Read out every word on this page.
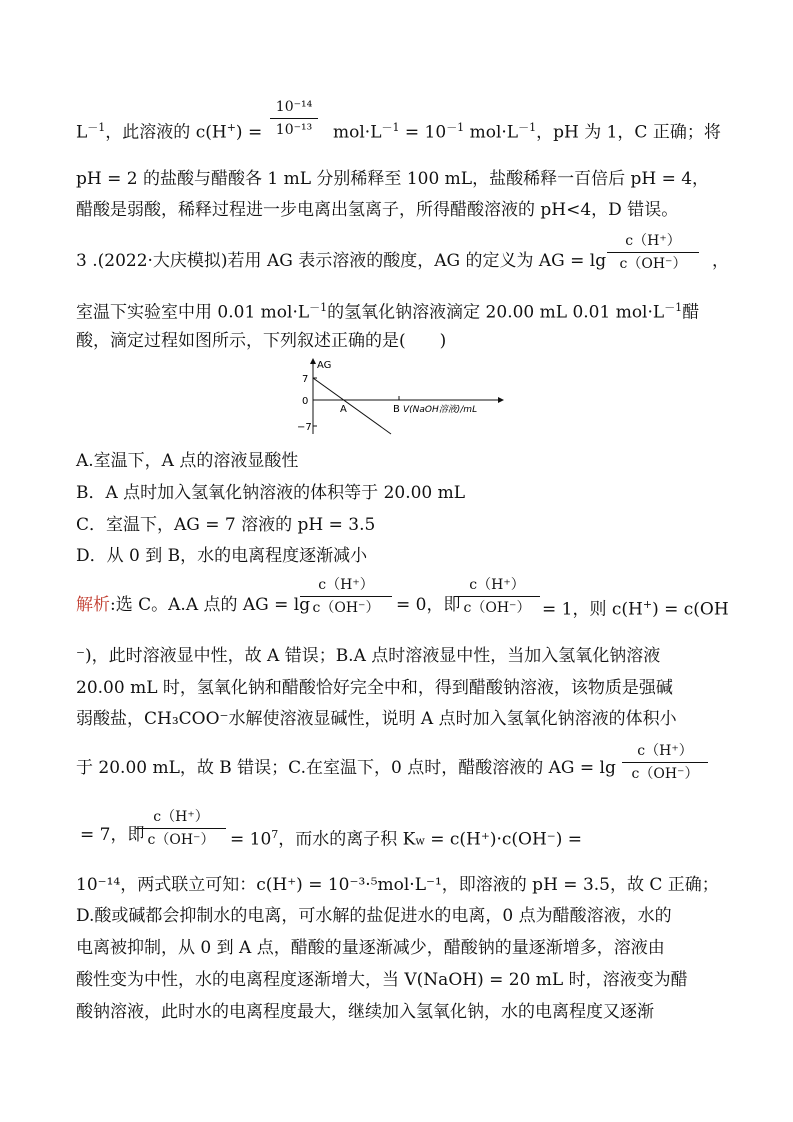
$L^{-1}$，此溶液的 c(H+) =
10⁻¹⁴
10⁻¹³	$mol\cdot L^{-1} = 10^{-1}$ $mol\cdot L^{-1}$，pH 为 1，C 正确；将
pH = 2 的盐酸与醋酸各 1 mL 分别稀释至 100 mL，盐酸稀释一百倍后 pH = 4，
醋酸是弱酸，稀释过程进一步电离出氢离子，所得醋酸溶液的 pH<4，D 错误。
3 .(2022·大庆模拟)若用 AG 表示溶液的酸度，AG 的定义为 AG = lg
c（H⁺）
c（OH⁻）	，
室温下实验室中用 0.01 $mol\cdot L^{-1}$的氢氧化钠溶液滴定 20.00 mL 0.01 $mol\cdot L^{-1}$醋
酸，滴定过程如图所示，下列叙述正确的是(　　)
AG
7
0
−7
A	B V(NaOH溶液)/mL
A.室温下，A 点的溶液显酸性
B．A 点时加入氢氧化钠溶液的体积等于 20.00 mL
C．室温下，AG = 7 溶液的 pH = 3.5
D．从 0 到 B，水的电离程度逐渐减小
解析:选 C。A.A 点的 AG = lg
c（H⁺）
c（OH⁻） = 0，即
c（H⁺）
c（OH⁻） = 1，则 c(H+) = c(OH
⁻)，此时溶液显中性，故 A 错误；B.A 点时溶液显中性，当加入氢氧化钠溶液
20.00 mL 时，氢氧化钠和醋酸恰好完全中和，得到醋酸钠溶液，该物质是强碱
弱酸盐，CH₃COO⁻水解使溶液显碱性，说明 A 点时加入氢氧化钠溶液的体积小
于 20.00 mL，故 B 错误；C.在室温下，0 点时，醋酸溶液的 AG = lg
c（H⁺）
c（OH⁻）
= 7，即
c（H⁺）
$c(OH^-) = 10^7$，而水的离子积 Kw = c(H⁺)·c(OH⁻) =
10⁻¹⁴，两式联立可知：c(H⁺) = 10⁻³·⁵mol·L⁻¹，即溶液的 pH = 3.5，故 C 正确；
D.酸或碱都会抑制水的电离，可水解的盐促进水的电离，0 点为醋酸溶液，水的
电离被抑制，从 0 到 A 点，醋酸的量逐渐减少，醋酸钠的量逐渐增多，溶液由
酸性变为中性，水的电离程度逐渐增大，当 V(NaOH) = 20 mL 时，溶液变为醋
酸钠溶液，此时水的电离程度最大，继续加入氢氧化钠，水的电离程度又逐渐
